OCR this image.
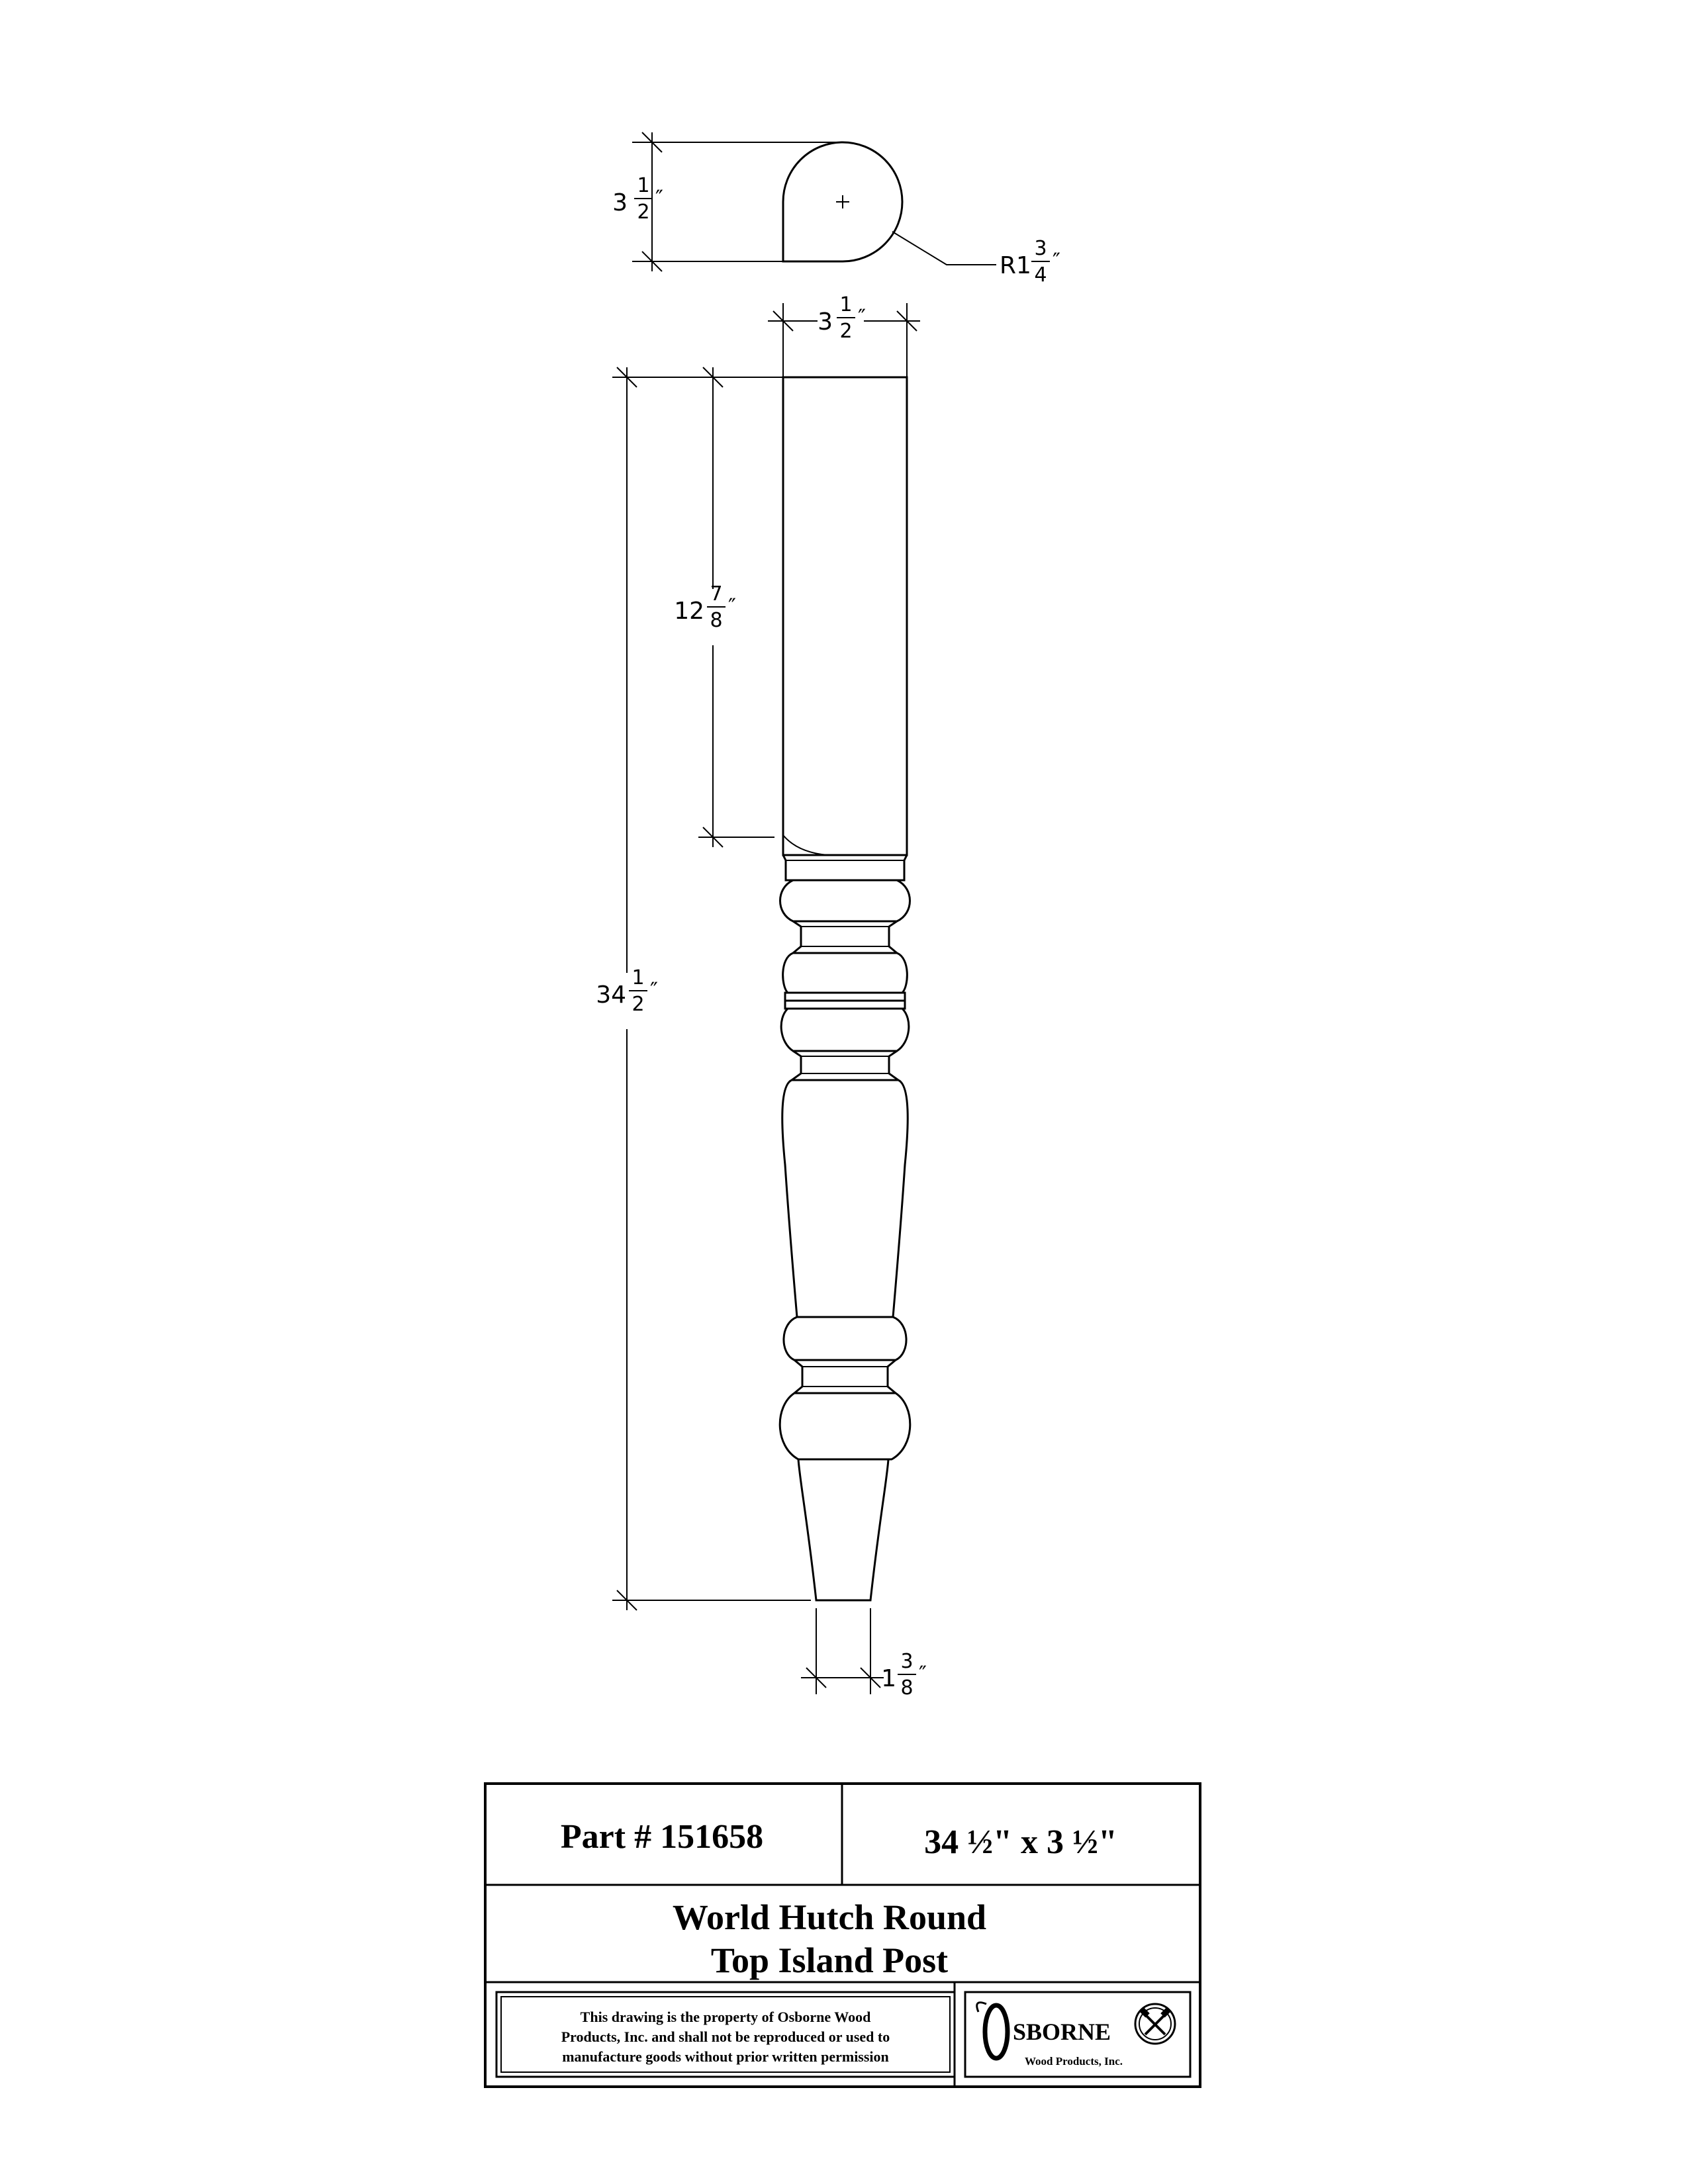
3
1
2
″
R1
3
4
″
3
1
2
″
12
7
8
″
34
1
2
″
1
3
8
″
Part # 151658	34 ½" x 3 ½"
World Hutch Round
Top Island Post
This drawing is the property of Osborne Wood
Products, Inc. and shall not be reproduced or used to
manufacture goods without prior written permission
SBORNE
Wood Products, Inc.
